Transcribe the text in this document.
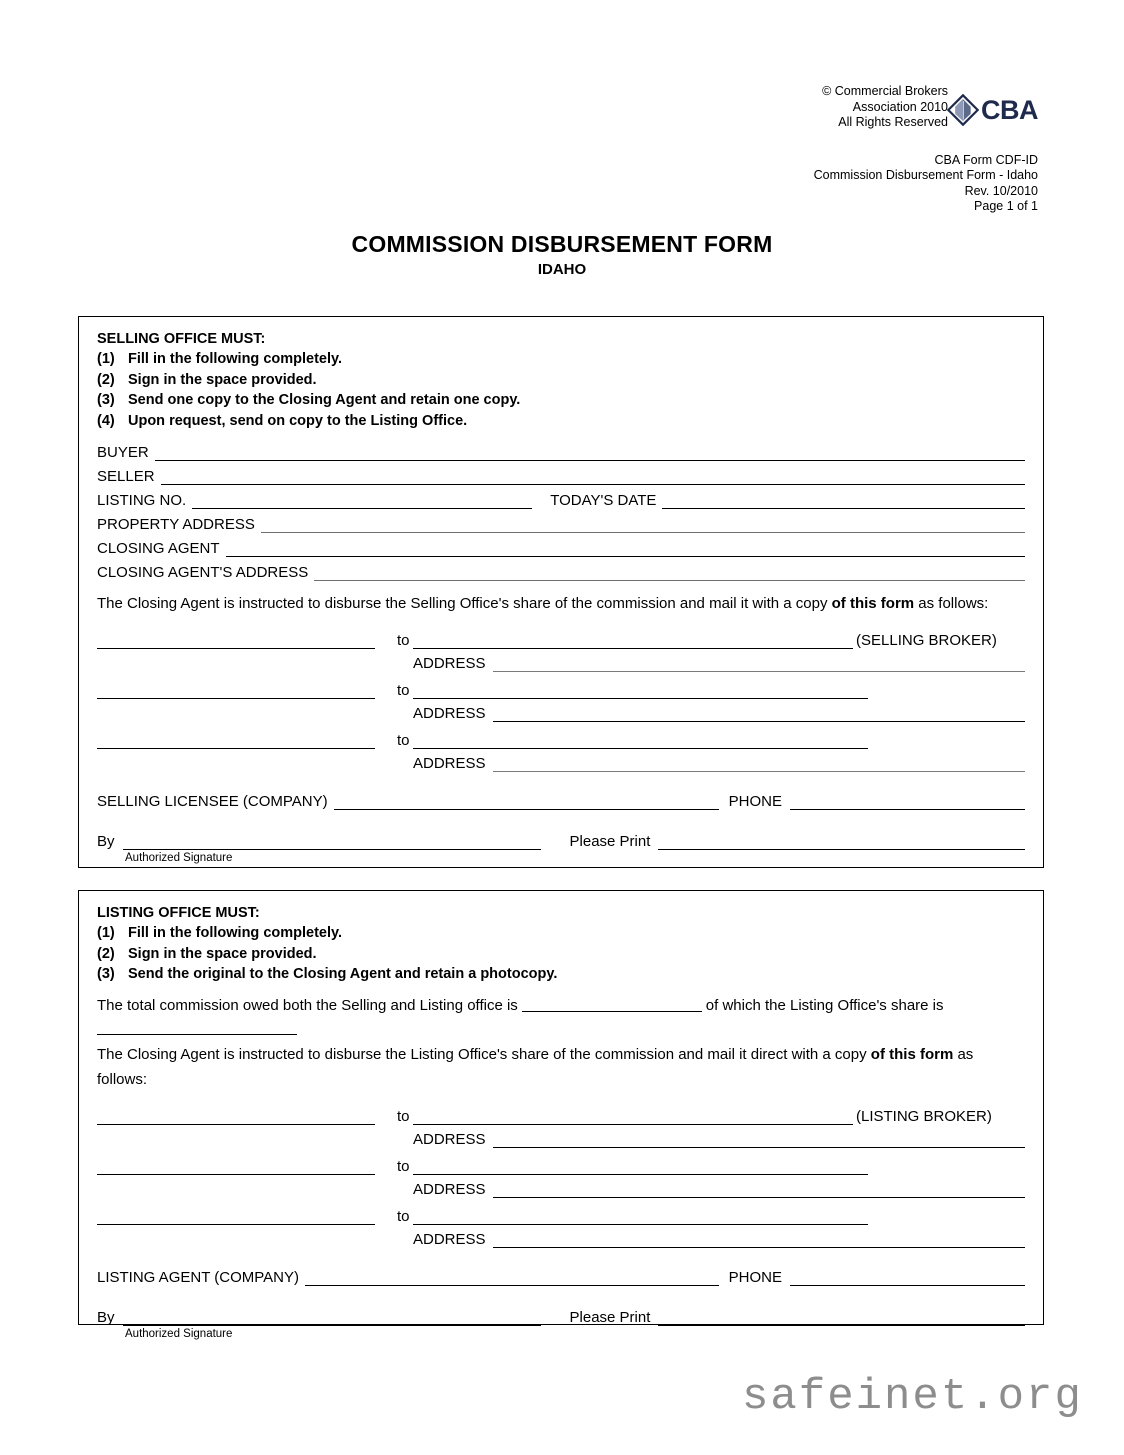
CBA
© Commercial Brokers
Association 2010
All Rights Reserved
CBA Form CDF-ID
Commission Disbursement Form - Idaho
Rev. 10/2010
Page 1 of 1
COMMISSION DISBURSEMENT FORM
IDAHO
SELLING OFFICE MUST:
(1) Fill in the following completely.
(2) Sign in the space provided.
(3) Send one copy to the Closing Agent and retain one copy.
(4) Upon request, send on copy to the Listing Office.
BUYER
SELLER
LISTING NO.	TODAY'S DATE
PROPERTY ADDRESS
CLOSING AGENT
CLOSING AGENT'S ADDRESS
The Closing Agent is instructed to disburse the Selling Office's share of the commission and mail it with a copy of this form as follows:
to	(SELLING BROKER)
ADDRESS
to
ADDRESS
to
ADDRESS
SELLING LICENSEE (COMPANY)	PHONE
By	Please Print
Authorized Signature
LISTING OFFICE MUST:
(1) Fill in the following completely.
(2) Sign in the space provided.
(3) Send the original to the Closing Agent and retain a photocopy.
The total commission owed both the Selling and Listing office is	of which the Listing Office's share is
The Closing Agent is instructed to disburse the Listing Office's share of the commission and mail it direct with a copy of this form as follows:
to	(LISTING BROKER)
ADDRESS
to
ADDRESS
to
ADDRESS
LISTING AGENT (COMPANY)	PHONE
By	Please Print
Authorized Signature
safeinet.org
